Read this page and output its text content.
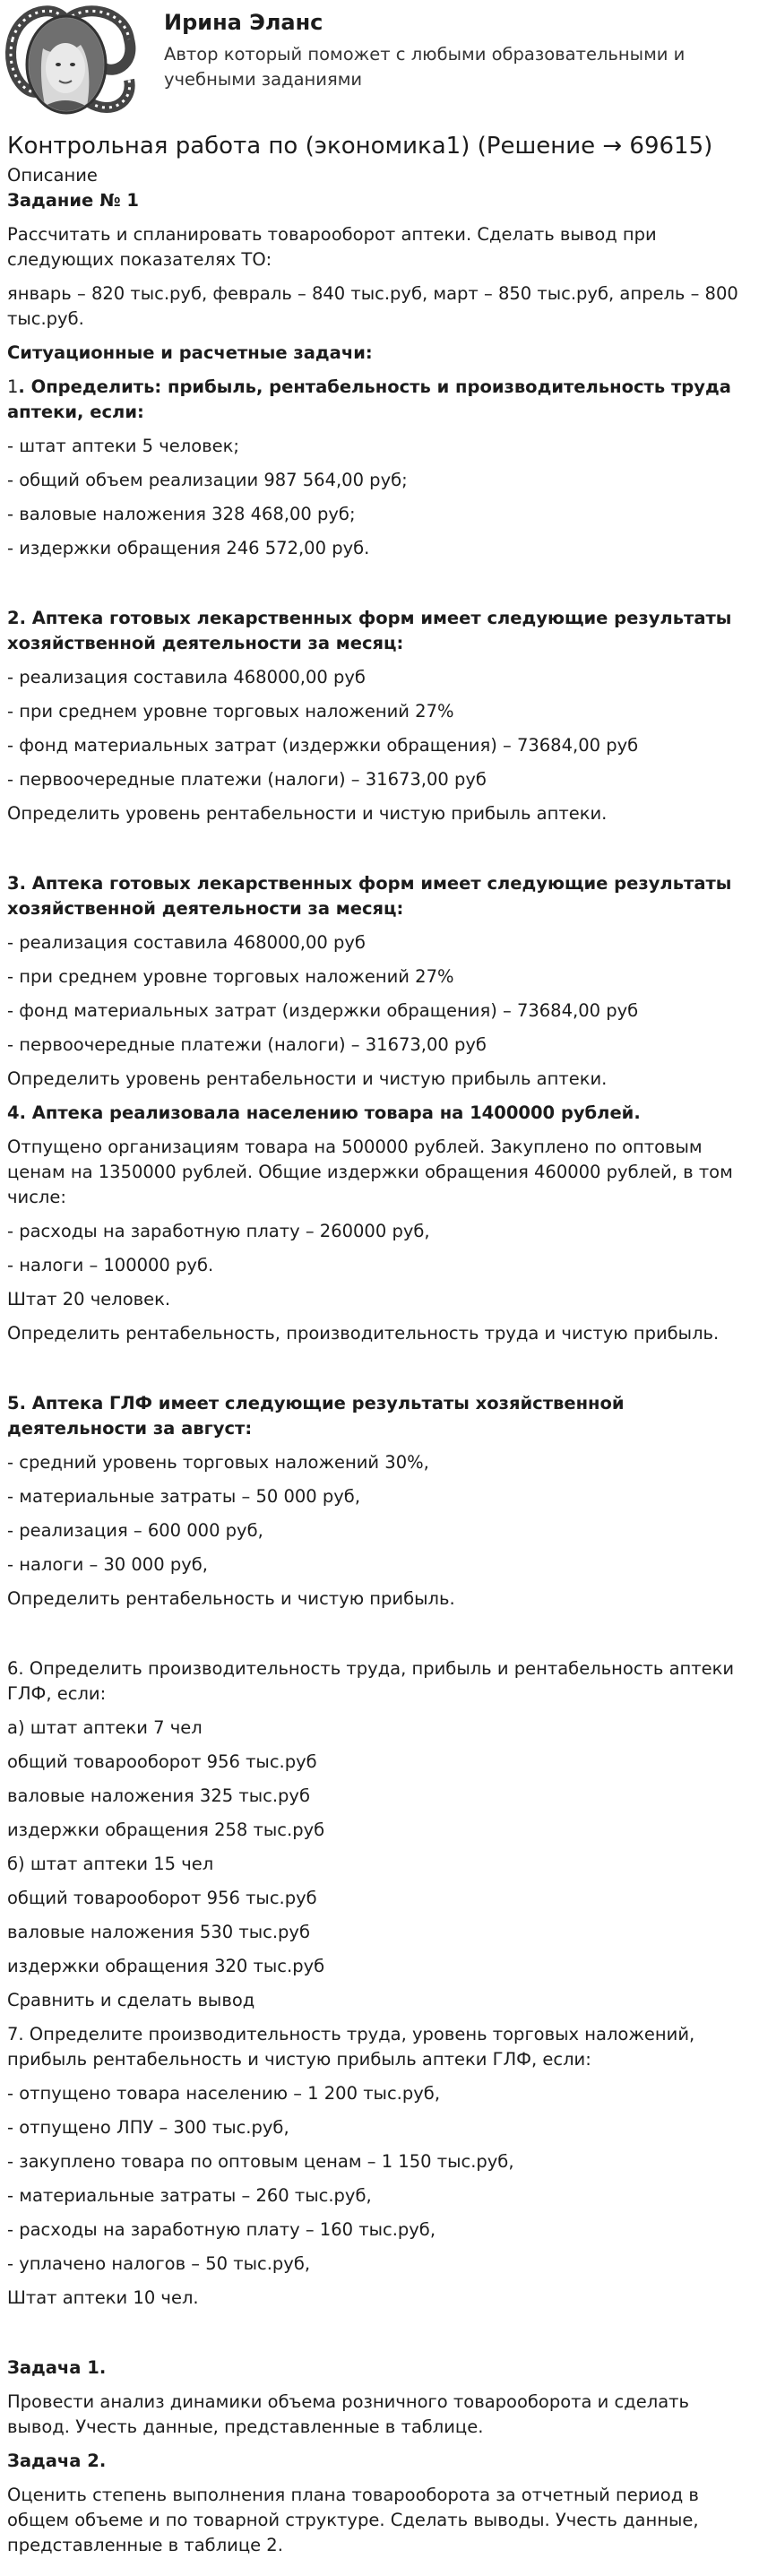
Ирина Эланс
Автор который поможет с любыми образовательными и учебными заданиями
Контрольная работа по (экономика1) (Решение → 69615)

Описание

Задание № 1

Рассчитать и спланировать товарооборот аптеки. Сделать вывод при следующих показателях ТО:

январь – 820 тыс.руб, февраль – 840 тыс.руб, март – 850 тыс.руб, апрель – 800 тыс.руб.

Ситуационные и расчетные задачи:

1. Определить: прибыль, рентабельность и производительность труда аптеки, если:

- штат аптеки 5 человек;

- общий объем реализации 987 564,00 руб;

- валовые наложения 328 468,00 руб;

- издержки обращения 246 572,00 руб.

2. Аптека готовых лекарственных форм имеет следующие результаты хозяйственной деятельности за месяц:

- реализация составила 468000,00 руб

- при среднем уровне торговых наложений 27%

- фонд материальных затрат (издержки обращения) – 73684,00 руб

- первоочередные платежи (налоги) – 31673,00 руб

Определить уровень рентабельности и чистую прибыль аптеки.

3. Аптека готовых лекарственных форм имеет следующие результаты хозяйственной деятельности за месяц:

- реализация составила 468000,00 руб

- при среднем уровне торговых наложений 27%

- фонд материальных затрат (издержки обращения) – 73684,00 руб

- первоочередные платежи (налоги) – 31673,00 руб

Определить уровень рентабельности и чистую прибыль аптеки.

4. Аптека реализовала населению товара на 1400000 рублей.

Отпущено организациям товара на 500000 рублей. Закуплено по оптовым ценам на 1350000 рублей. Общие издержки обращения 460000 рублей, в том числе:

- расходы на заработную плату – 260000 руб,

- налоги – 100000 руб.

Штат 20 человек.

Определить рентабельность, производительность труда и чистую прибыль.

5. Аптека ГЛФ имеет следующие результаты хозяйственной деятельности за август:

- средний уровень торговых наложений 30%,

- материальные затраты – 50 000 руб,

- реализация – 600 000 руб,

- налоги – 30 000 руб,

Определить рентабельность и чистую прибыль.

6. Определить производительность труда, прибыль и рентабельность аптеки ГЛФ, если:

а) штат аптеки 7 чел

общий товарооборот 956 тыс.руб

валовые наложения 325 тыс.руб

издержки обращения 258 тыс.руб

б) штат аптеки 15 чел

общий товарооборот 956 тыс.руб

валовые наложения 530 тыс.руб

издержки обращения 320 тыс.руб

Сравнить и сделать вывод

7. Определите производительность труда, уровень торговых наложений, прибыль рентабельность и чистую прибыль аптеки ГЛФ, если:

- отпущено товара населению – 1 200 тыс.руб,

- отпущено ЛПУ – 300 тыс.руб,

- закуплено товара по оптовым ценам – 1 150 тыс.руб,

- материальные затраты – 260 тыс.руб,

- расходы на заработную плату – 160 тыс.руб,

- уплачено налогов – 50 тыс.руб,

Штат аптеки 10 чел.

Задача 1.

Провести анализ динамики объема розничного товарооборота и сделать вывод. Учесть данные, представленные в таблице.

Задача 2.

Оценить степень выполнения плана товарооборота за отчетный период в общем объеме и по товарной структуре. Сделать выводы. Учесть данные, представленные в таблице 2.
